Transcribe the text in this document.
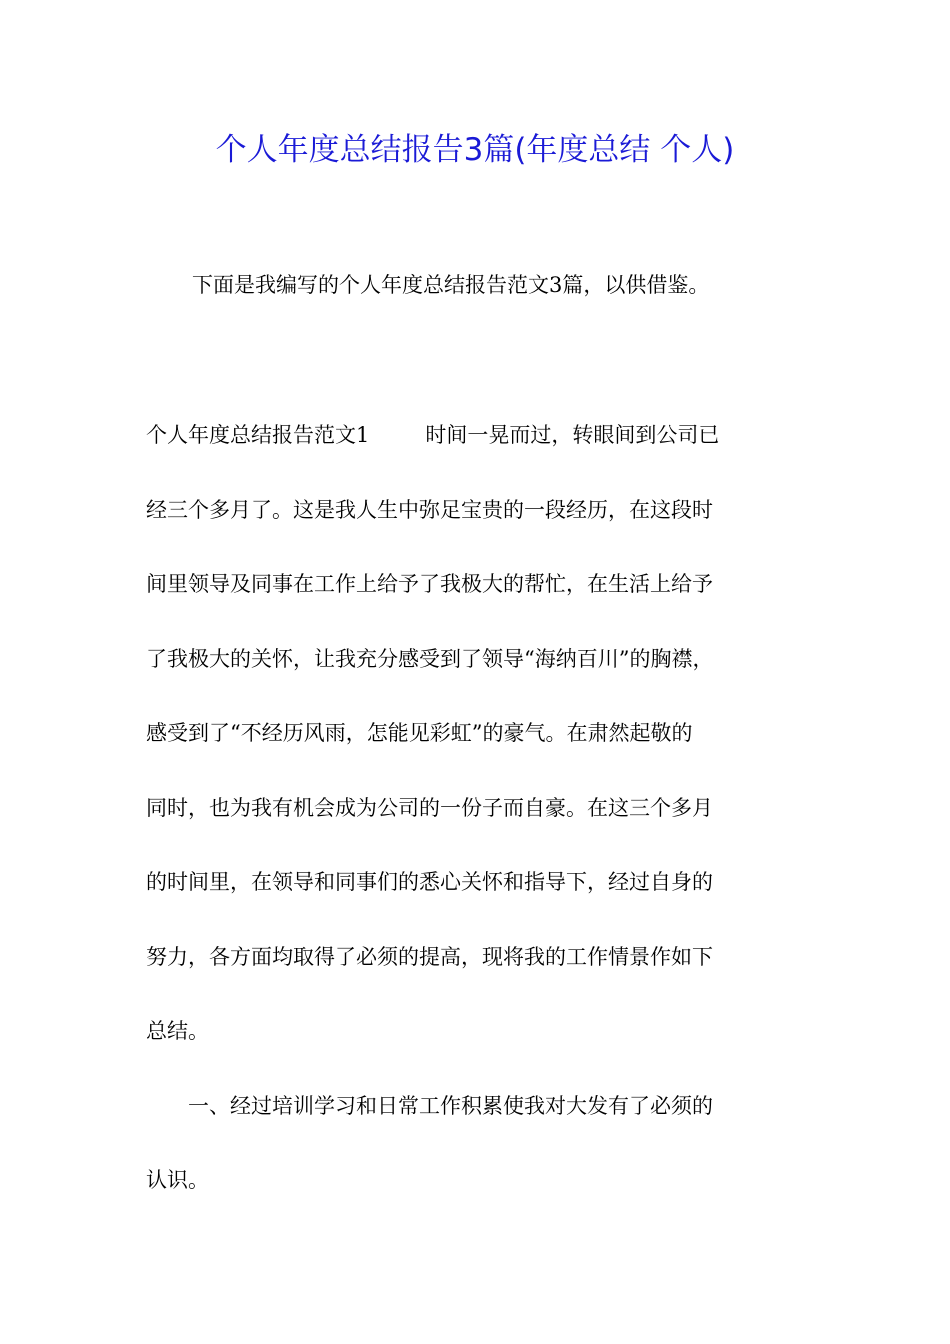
个人年度总结报告3篇(年度总结 个人)
下面是我编写的个人年度总结报告范文3篇，以供借鉴。
个人年度总结报告范文1	时间一晃而过，转眼间到公司已
经三个多月了。这是我人生中弥足宝贵的一段经历，在这段时
间里领导及同事在工作上给予了我极大的帮忙，在生活上给予
了我极大的关怀，让我充分感受到了领导“海纳百川”的胸襟，
感受到了“不经历风雨，怎能见彩虹”的豪气。在肃然起敬的
同时，也为我有机会成为公司的一份子而自豪。在这三个多月
的时间里，在领导和同事们的悉心关怀和指导下，经过自身的
努力，各方面均取得了必须的提高，现将我的工作情景作如下
总结。
一、经过培训学习和日常工作积累使我对大发有了必须的
认识。
